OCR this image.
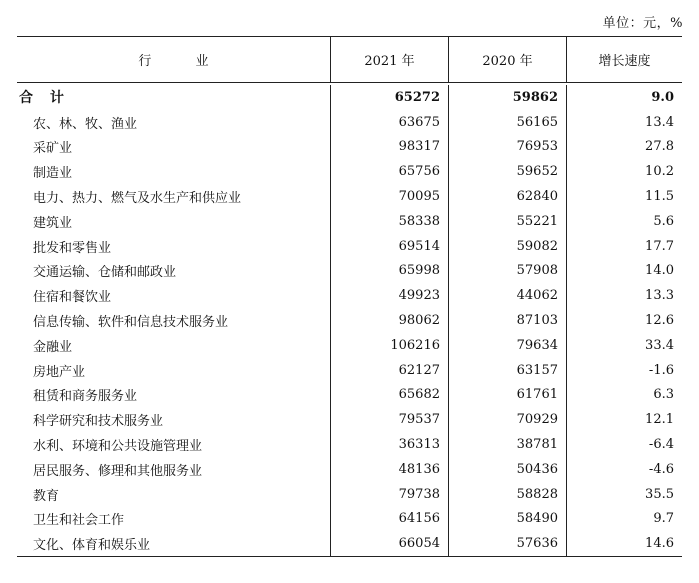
单位：元，%
行 业	2021 年	2020 年	增长速度
合 计	65272	59862	9.0
农、林、牧、渔业	63675	56165	13.4
采矿业	98317	76953	27.8
制造业	65756	59652	10.2
电力、热力、燃气及水生产和供应业	70095	62840	11.5
建筑业	58338	55221	5.6
批发和零售业	69514	59082	17.7
交通运输、仓储和邮政业	65998	57908	14.0
住宿和餐饮业	49923	44062	13.3
信息传输、软件和信息技术服务业	98062	87103	12.6
金融业	106216	79634	33.4
房地产业	62127	63157	-1.6
租赁和商务服务业	65682	61761	6.3
科学研究和技术服务业	79537	70929	12.1
水利、环境和公共设施管理业	36313	38781	-6.4
居民服务、修理和其他服务业	48136	50436	-4.6
教育	79738	58828	35.5
卫生和社会工作	64156	58490	9.7
文化、体育和娱乐业	66054	57636	14.6
